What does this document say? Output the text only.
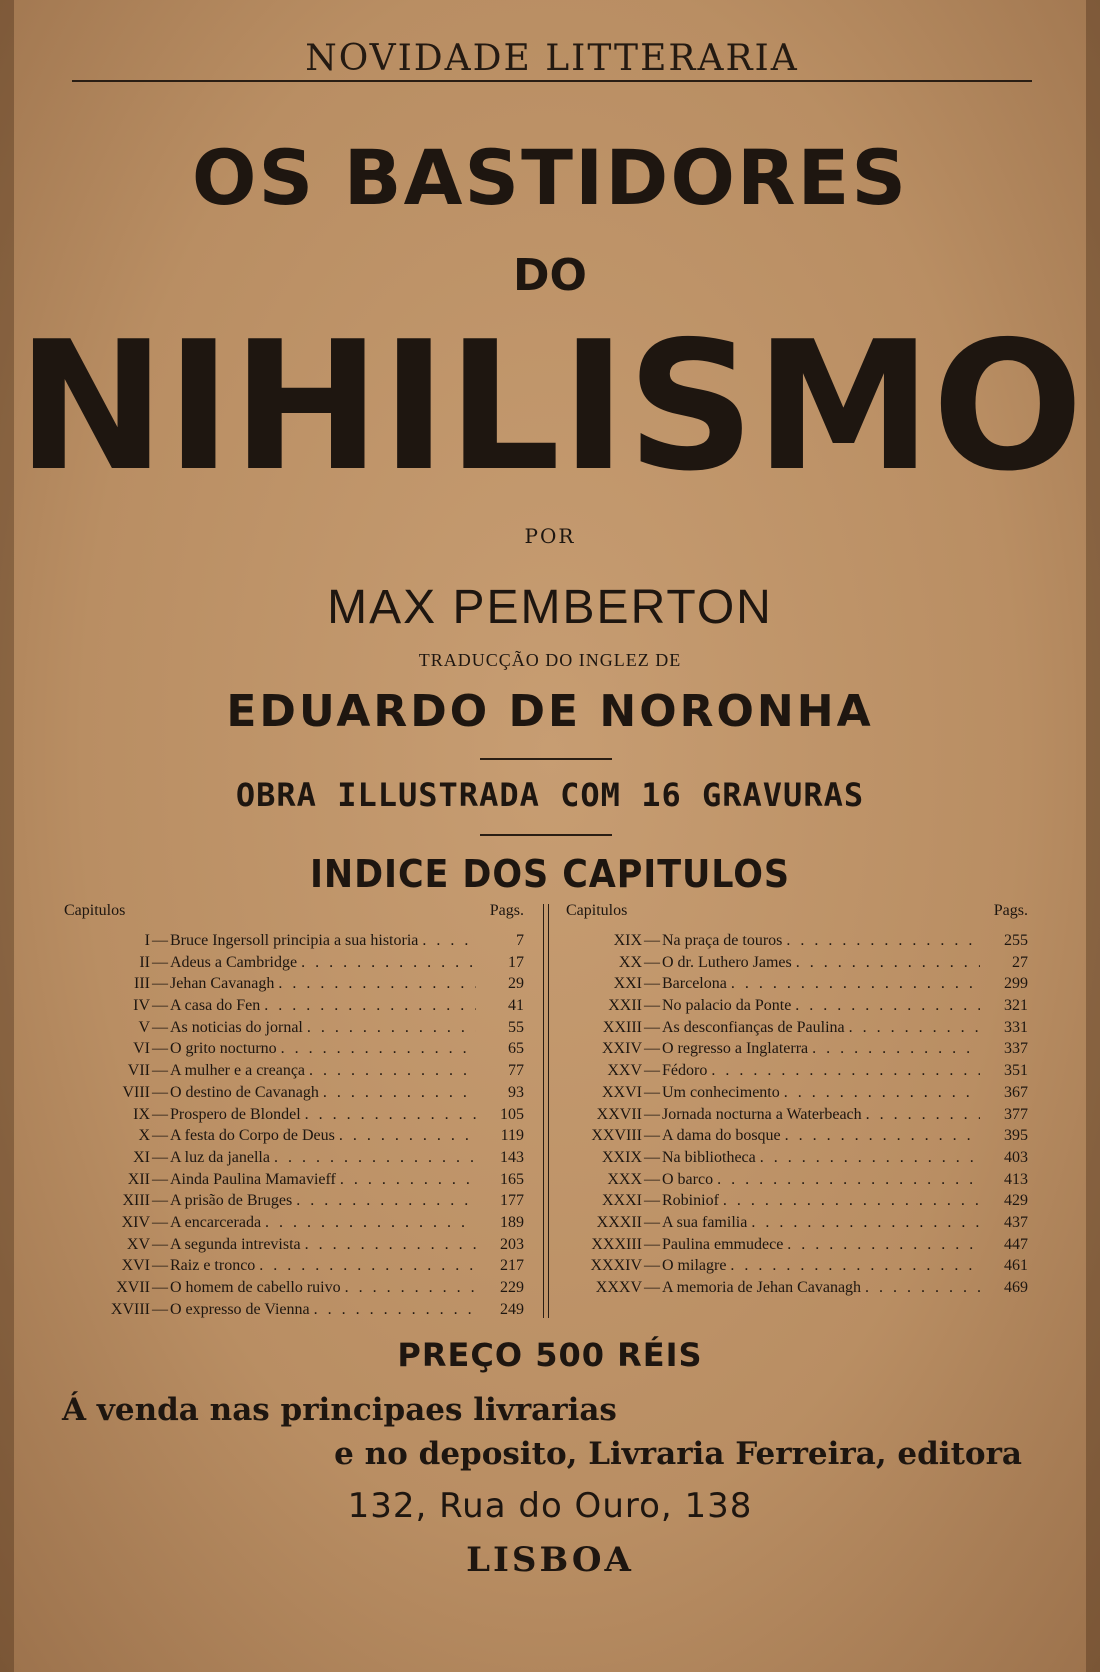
NOVIDADE LITTERARIA
OS BASTIDORES
DO
NIHILISMO
POR
MAX PEMBERTON
TRADUCÇÃO DO INGLEZ DE
EDUARDO DE NORONHA
OBRA ILLUSTRADA COM 16 GRAVURAS
INDICE DOS CAPITULOS
Capitulos	Pags.
I — Bruce Ingersoll principia a sua historia . . .	7
II — Adeus a Cambridge . . .	17
III — Jehan Cavanagh . . .	29
IV — A casa do Fen . . .	41
V — As noticias do jornal . . .	55
VI — O grito nocturno . . .	65
VII — A mulher e a creança . . .	77
VIII — O destino de Cavanagh . . .	93
IX — Prospero de Blondel . . .	105
X — A festa do Corpo de Deus . . .	119
XI — A luz da janella . . .	143
XII — Ainda Paulina Mamavieff . . .	165
XIII — A prisão de Bruges . . .	177
XIV — A encarcerada . . .	189
XV — A segunda intrevista . . .	203
XVI — Raiz e tronco . . .	217
XVII — O homem de cabello ruivo . . .	229
XVIII — O expresso de Vienna . . .	249
Capitulos	Pags.
XIX — Na praça de touros . . .	255
XX — O dr. Luthero James . . .	27
XXI — Barcelona . . .	299
XXII — No palacio da Ponte . . .	321
XXIII — As desconfianças de Paulina . . .	331
XXIV — O regresso a Inglaterra . . .	337
XXV — Fédoro . . .	351
XXVI — Um conhecimento . . .	367
XXVII — Jornada nocturna a Waterbeach . . .	377
XXVIII — A dama do bosque . . .	395
XXIX — Na bibliotheca . . .	403
XXX — O barco . . .	413
XXXI — Robiniof . . .	429
XXXII — A sua familia . . .	437
XXXIII — Paulina emmudece . . .	447
XXXIV — O milagre . . .	461
XXXV — A memoria de Jehan Cavanagh . . .	469
PREÇO 500 RÉIS
Á venda nas principaes livrarias
e no deposito, Livraria Ferreira, editora
132, Rua do Ouro, 138
LISBOA
